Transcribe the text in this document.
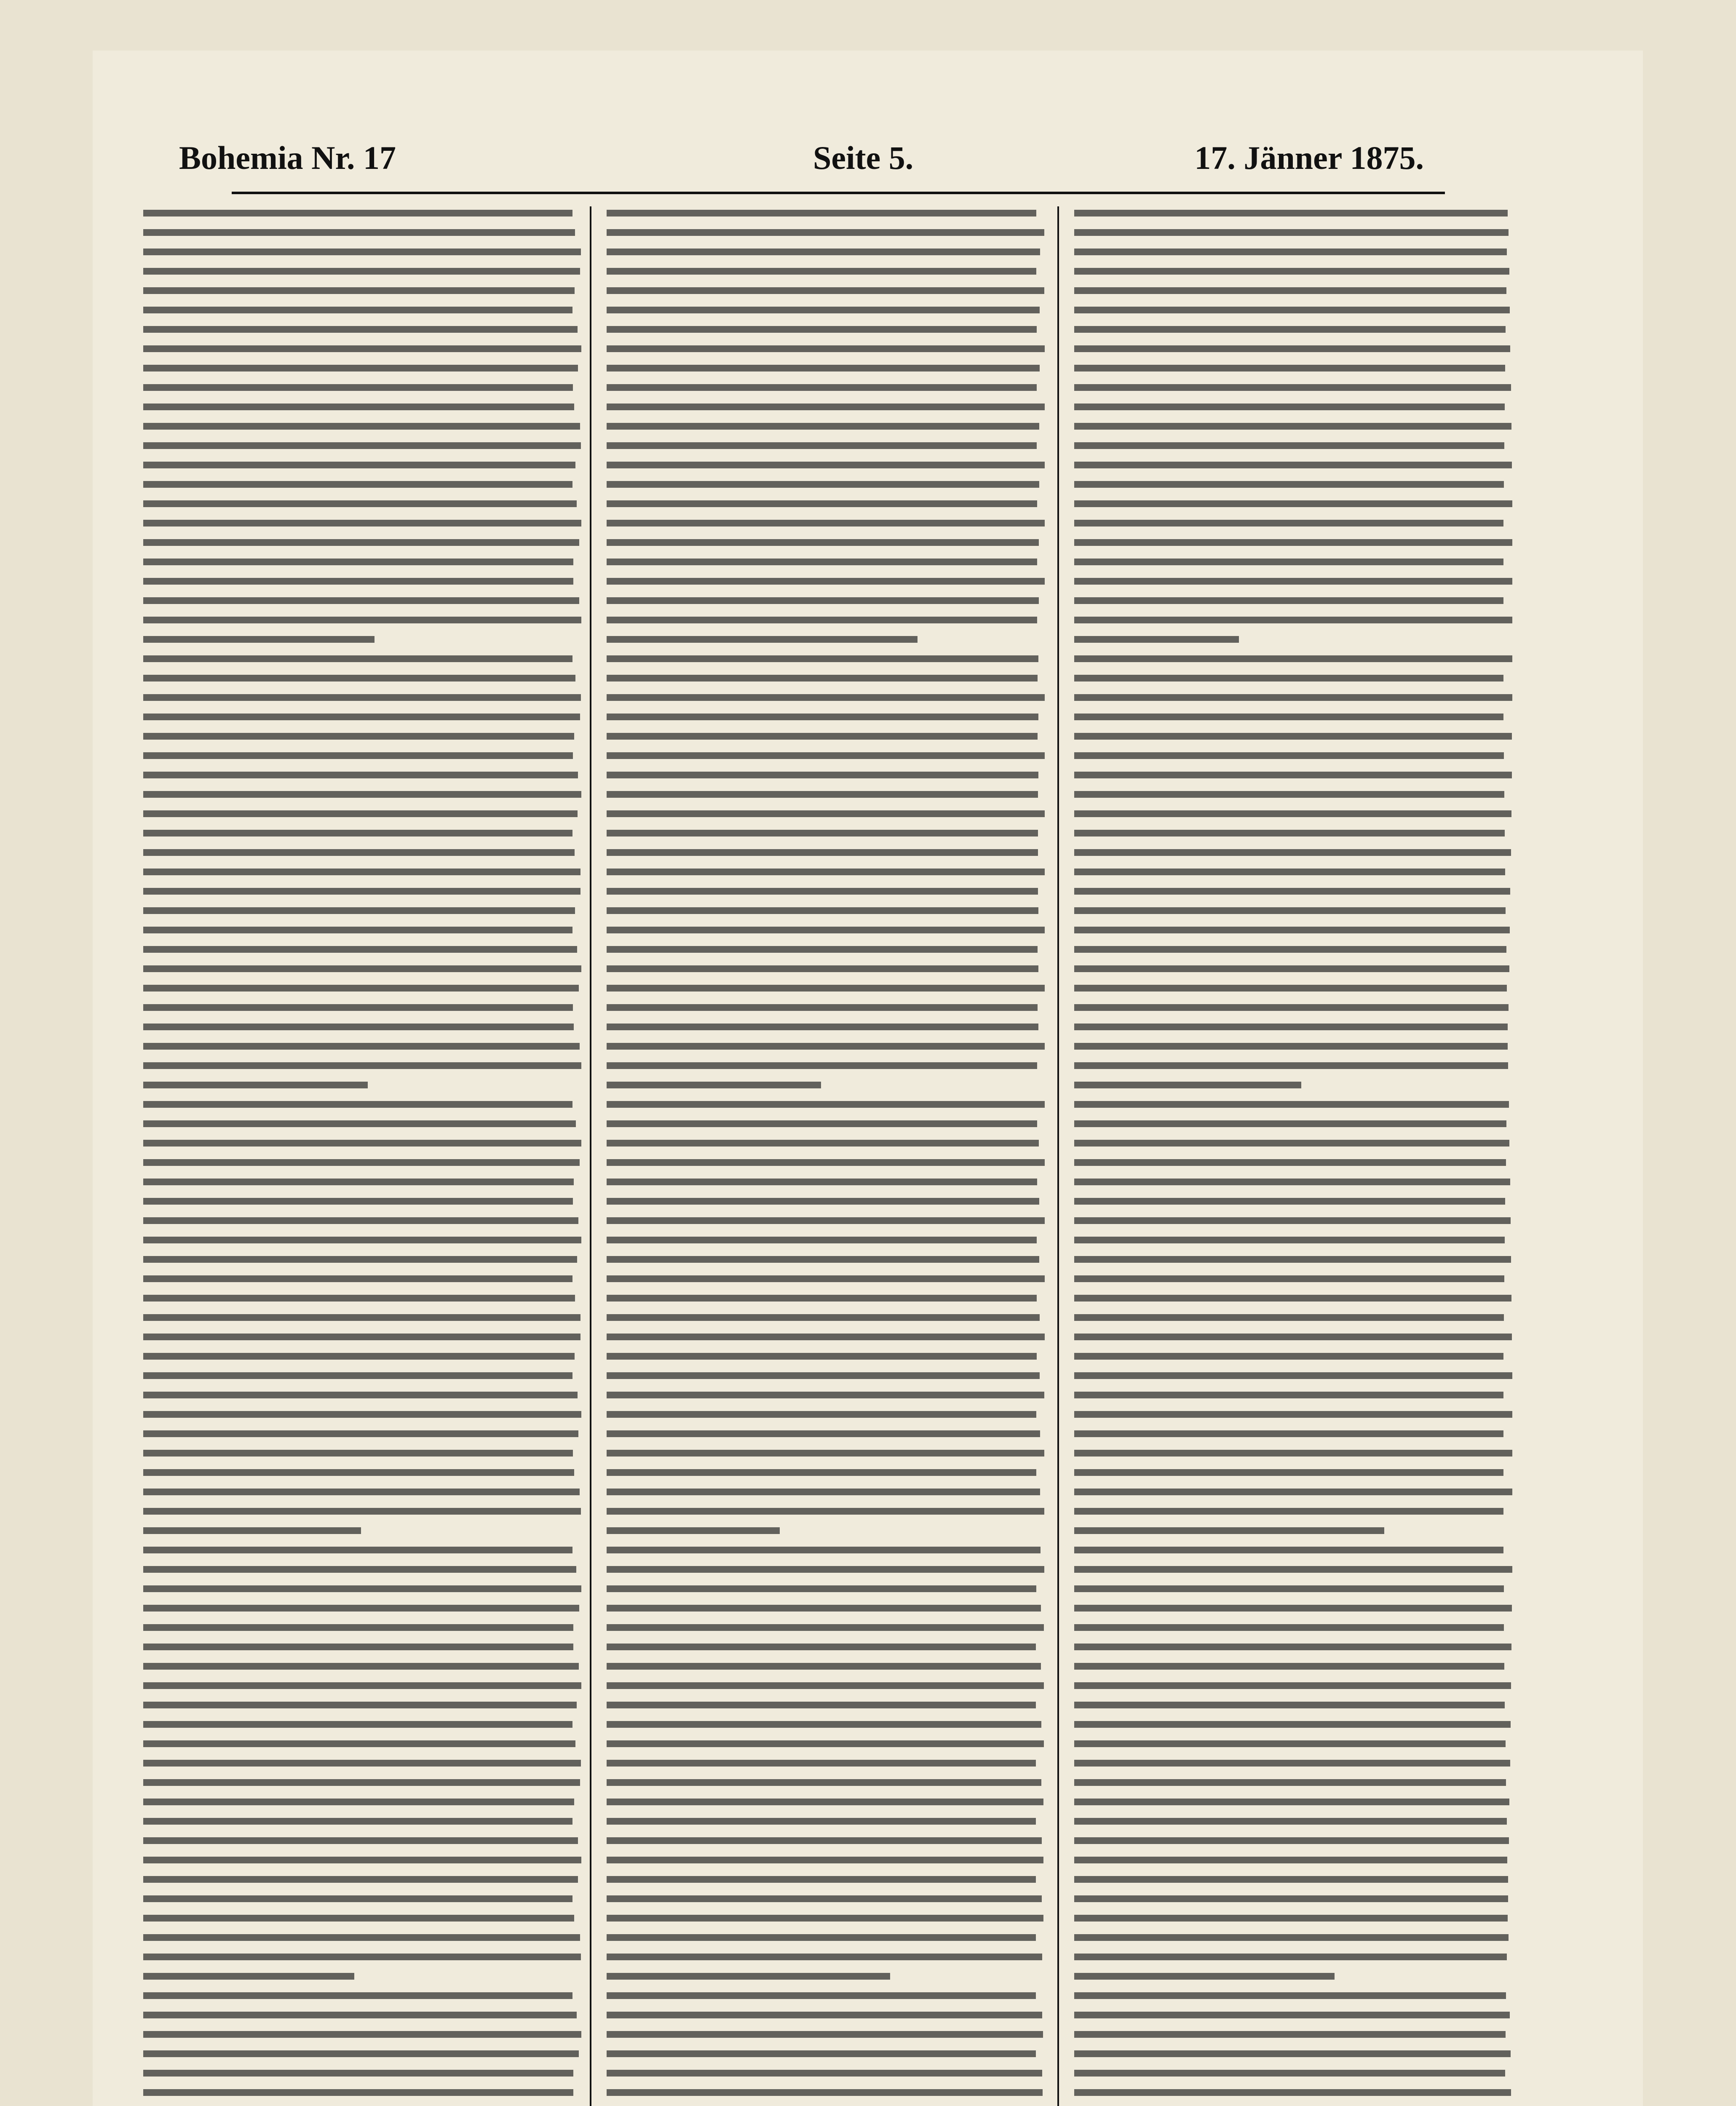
Bohemia Nr. 17	Seite 5.	17. Jänner 1875.
